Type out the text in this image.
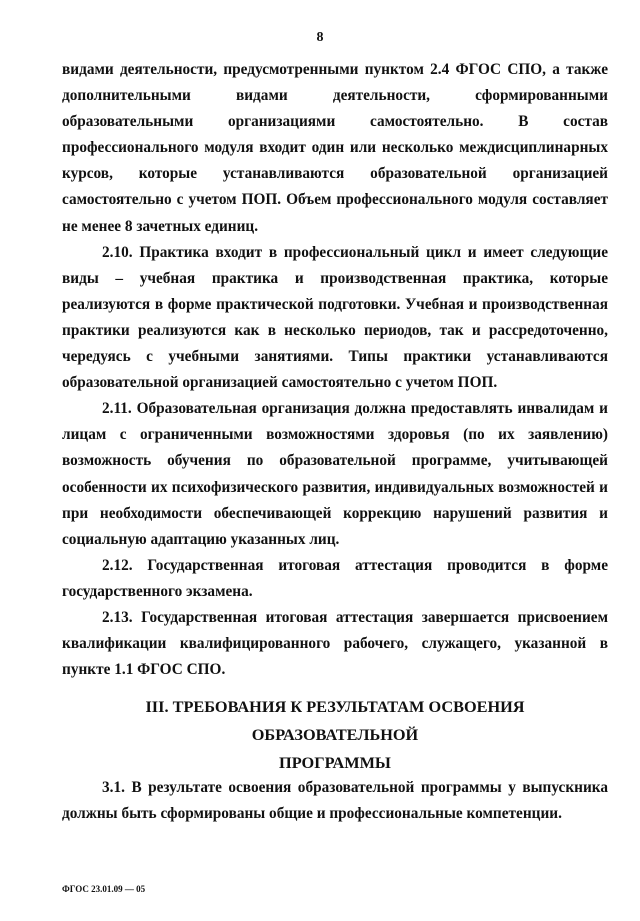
8

видами деятельности, предусмотренными пунктом 2.4 ФГОС СПО, а также дополнительными видами деятельности, сформированными образовательными организациями самостоятельно. В состав профессионального модуля входит один или несколько междисциплинарных курсов, которые устанавливаются образовательной организацией самостоятельно с учетом ПОП. Объем профессионального модуля составляет не менее 8 зачетных единиц.

2.10. Практика входит в профессиональный цикл и имеет следующие виды – учебная практика и производственная практика, которые реализуются в форме практической подготовки. Учебная и производственная практики реализуются как в несколько периодов, так и рассредоточенно, чередуясь с учебными занятиями. Типы практики устанавливаются образовательной организацией самостоятельно с учетом ПОП.

2.11. Образовательная организация должна предоставлять инвалидам и лицам с ограниченными возможностями здоровья (по их заявлению) возможность обучения по образовательной программе, учитывающей особенности их психофизического развития, индивидуальных возможностей и при необходимости обеспечивающей коррекцию нарушений развития и социальную адаптацию указанных лиц.

2.12. Государственная итоговая аттестация проводится в форме государственного экзамена.

2.13. Государственная итоговая аттестация завершается присвоением квалификации квалифицированного рабочего, служащего, указанной в пункте 1.1 ФГОС СПО.

III. ТРЕБОВАНИЯ К РЕЗУЛЬТАТАМ ОСВОЕНИЯ ОБРАЗОВАТЕЛЬНОЙ
ПРОГРАММЫ

3.1. В результате освоения образовательной программы у выпускника должны быть сформированы общие и профессиональные компетенции.

ФГОС 23.01.09 — 05
